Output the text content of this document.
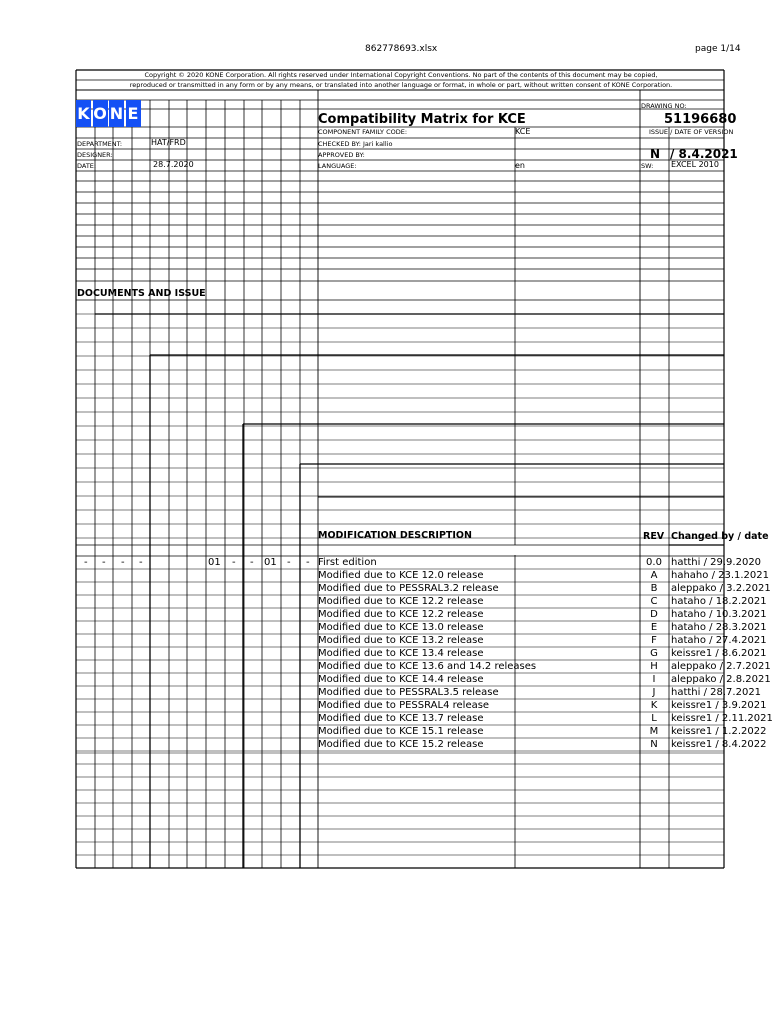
862778693.xlsx	page 1/14
Copyright © 2020 KONE Corporation. All rights reserved under International Copyright Conventions. No part of the contents of this document may be copied,
reproduced or transmitted in any form or by any means, or translated into another language or format, in whole or part, without written consent of KONE Corporation.
K O N E	DRAWING NO:
Compatibility Matrix for KCE	51196680
COMPONENT FAMILY CODE:	KCE	ISSUE / DATE OF VERSION
DEPARTMENT:	HAT/FRD	CHECKED BY: Jari kallio
N / 8.4.2021
DESIGNER:	APPROVED BY:
DATE:	28.7.2020	LANGUAGE:	en	SW: EXCEL 2010
DOCUMENTS AND ISSUE
MODIFICATION DESCRIPTION	REV Changed by / date
- - - -	01 - - 01 - - First edition	0.0 hatthi / 29.9.2020
Modified due to KCE 12.0 release	A	hahaho / 23.1.2021
Modified due to PESSRAL3.2 release	B	aleppako / 3.2.2021
Modified due to KCE 12.2 release	C	hataho / 18.2.2021
Modified due to KCE 12.2 release	D	hataho / 10.3.2021
Modified due to KCE 13.0 release	E	hataho / 28.3.2021
Modified due to KCE 13.2 release	F	hataho / 27.4.2021
Modified due to KCE 13.4 release	G	keissre1 / 8.6.2021
Modified due to KCE 13.6 and 14.2 releases	H	aleppako / 2.7.2021
Modified due to KCE 14.4 release	I	aleppako / 2.8.2021
Modified due to PESSRAL3.5 release	J	hatthi / 28.7.2021
Modified due to PESSRAL4 release	K	keissre1 / 3.9.2021
Modified due to KCE 13.7 release	L	keissre1 / 2.11.2021
Modified due to KCE 15.1 release	M	keissre1 / 1.2.2022
Modified due to KCE 15.2 release	N	keissre1 / 8.4.2022
